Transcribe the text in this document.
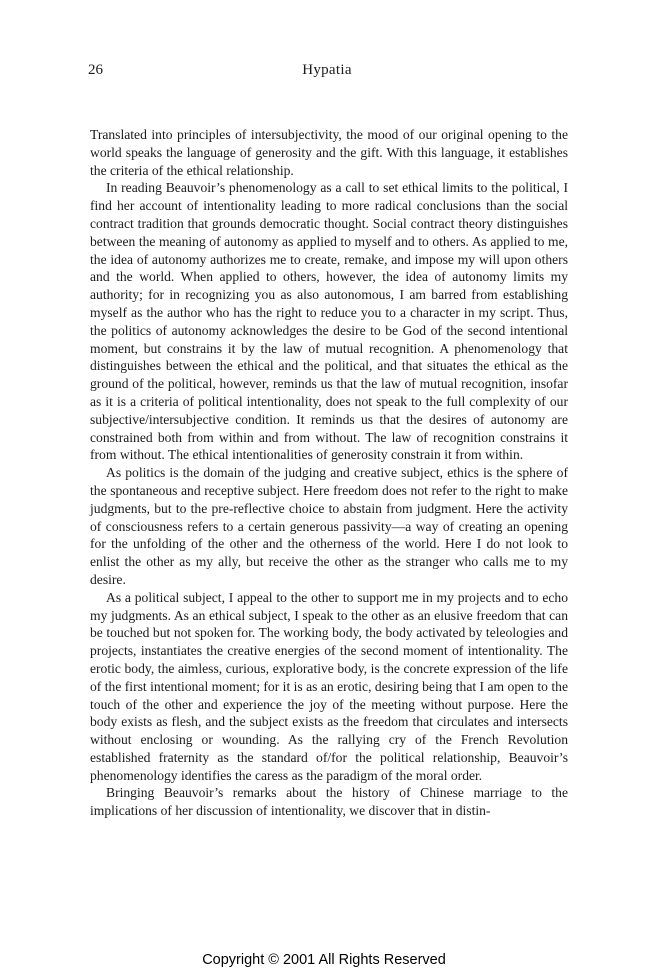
26	Hypatia

Translated into principles of intersubjectivity, the mood of our original opening to the world speaks the language of generosity and the gift. With this language, it establishes the criteria of the ethical relationship.

In reading Beauvoir’s phenomenology as a call to set ethical limits to the political, I find her account of intentionality leading to more radical conclusions than the social contract tradition that grounds democratic thought. Social contract theory distinguishes between the meaning of autonomy as applied to myself and to others. As applied to me, the idea of autonomy authorizes me to create, remake, and impose my will upon others and the world. When applied to others, however, the idea of autonomy limits my authority; for in recognizing you as also autonomous, I am barred from establishing myself as the author who has the right to reduce you to a character in my script. Thus, the politics of autonomy acknowledges the desire to be God of the second intentional moment, but constrains it by the law of mutual recognition. A phenomenology that distinguishes between the ethical and the political, and that situates the ethical as the ground of the political, however, reminds us that the law of mutual recognition, insofar as it is a criteria of political intentionality, does not speak to the full complexity of our subjective/intersubjective condition. It reminds us that the desires of autonomy are constrained both from within and from without. The law of recognition constrains it from without. The ethical intentionalities of generosity constrain it from within.

As politics is the domain of the judging and creative subject, ethics is the sphere of the spontaneous and receptive subject. Here freedom does not refer to the right to make judgments, but to the pre-reflective choice to abstain from judgment. Here the activity of consciousness refers to a certain generous passivity—a way of creating an opening for the unfolding of the other and the otherness of the world. Here I do not look to enlist the other as my ally, but receive the other as the stranger who calls me to my desire.

As a political subject, I appeal to the other to support me in my projects and to echo my judgments. As an ethical subject, I speak to the other as an elusive freedom that can be touched but not spoken for. The working body, the body activated by teleologies and projects, instantiates the creative energies of the second moment of intentionality. The erotic body, the aimless, curious, explorative body, is the concrete expression of the life of the first intentional moment; for it is as an erotic, desiring being that I am open to the touch of the other and experience the joy of the meeting without purpose. Here the body exists as flesh, and the subject exists as the freedom that circulates and intersects without enclosing or wounding. As the rallying cry of the French Revolution established fraternity as the standard of/for the political relationship, Beauvoir’s phenomenology identifies the caress as the paradigm of the moral order.

Bringing Beauvoir’s remarks about the history of Chinese marriage to the implications of her discussion of intentionality, we discover that in distin-

Copyright © 2001 All Rights Reserved
